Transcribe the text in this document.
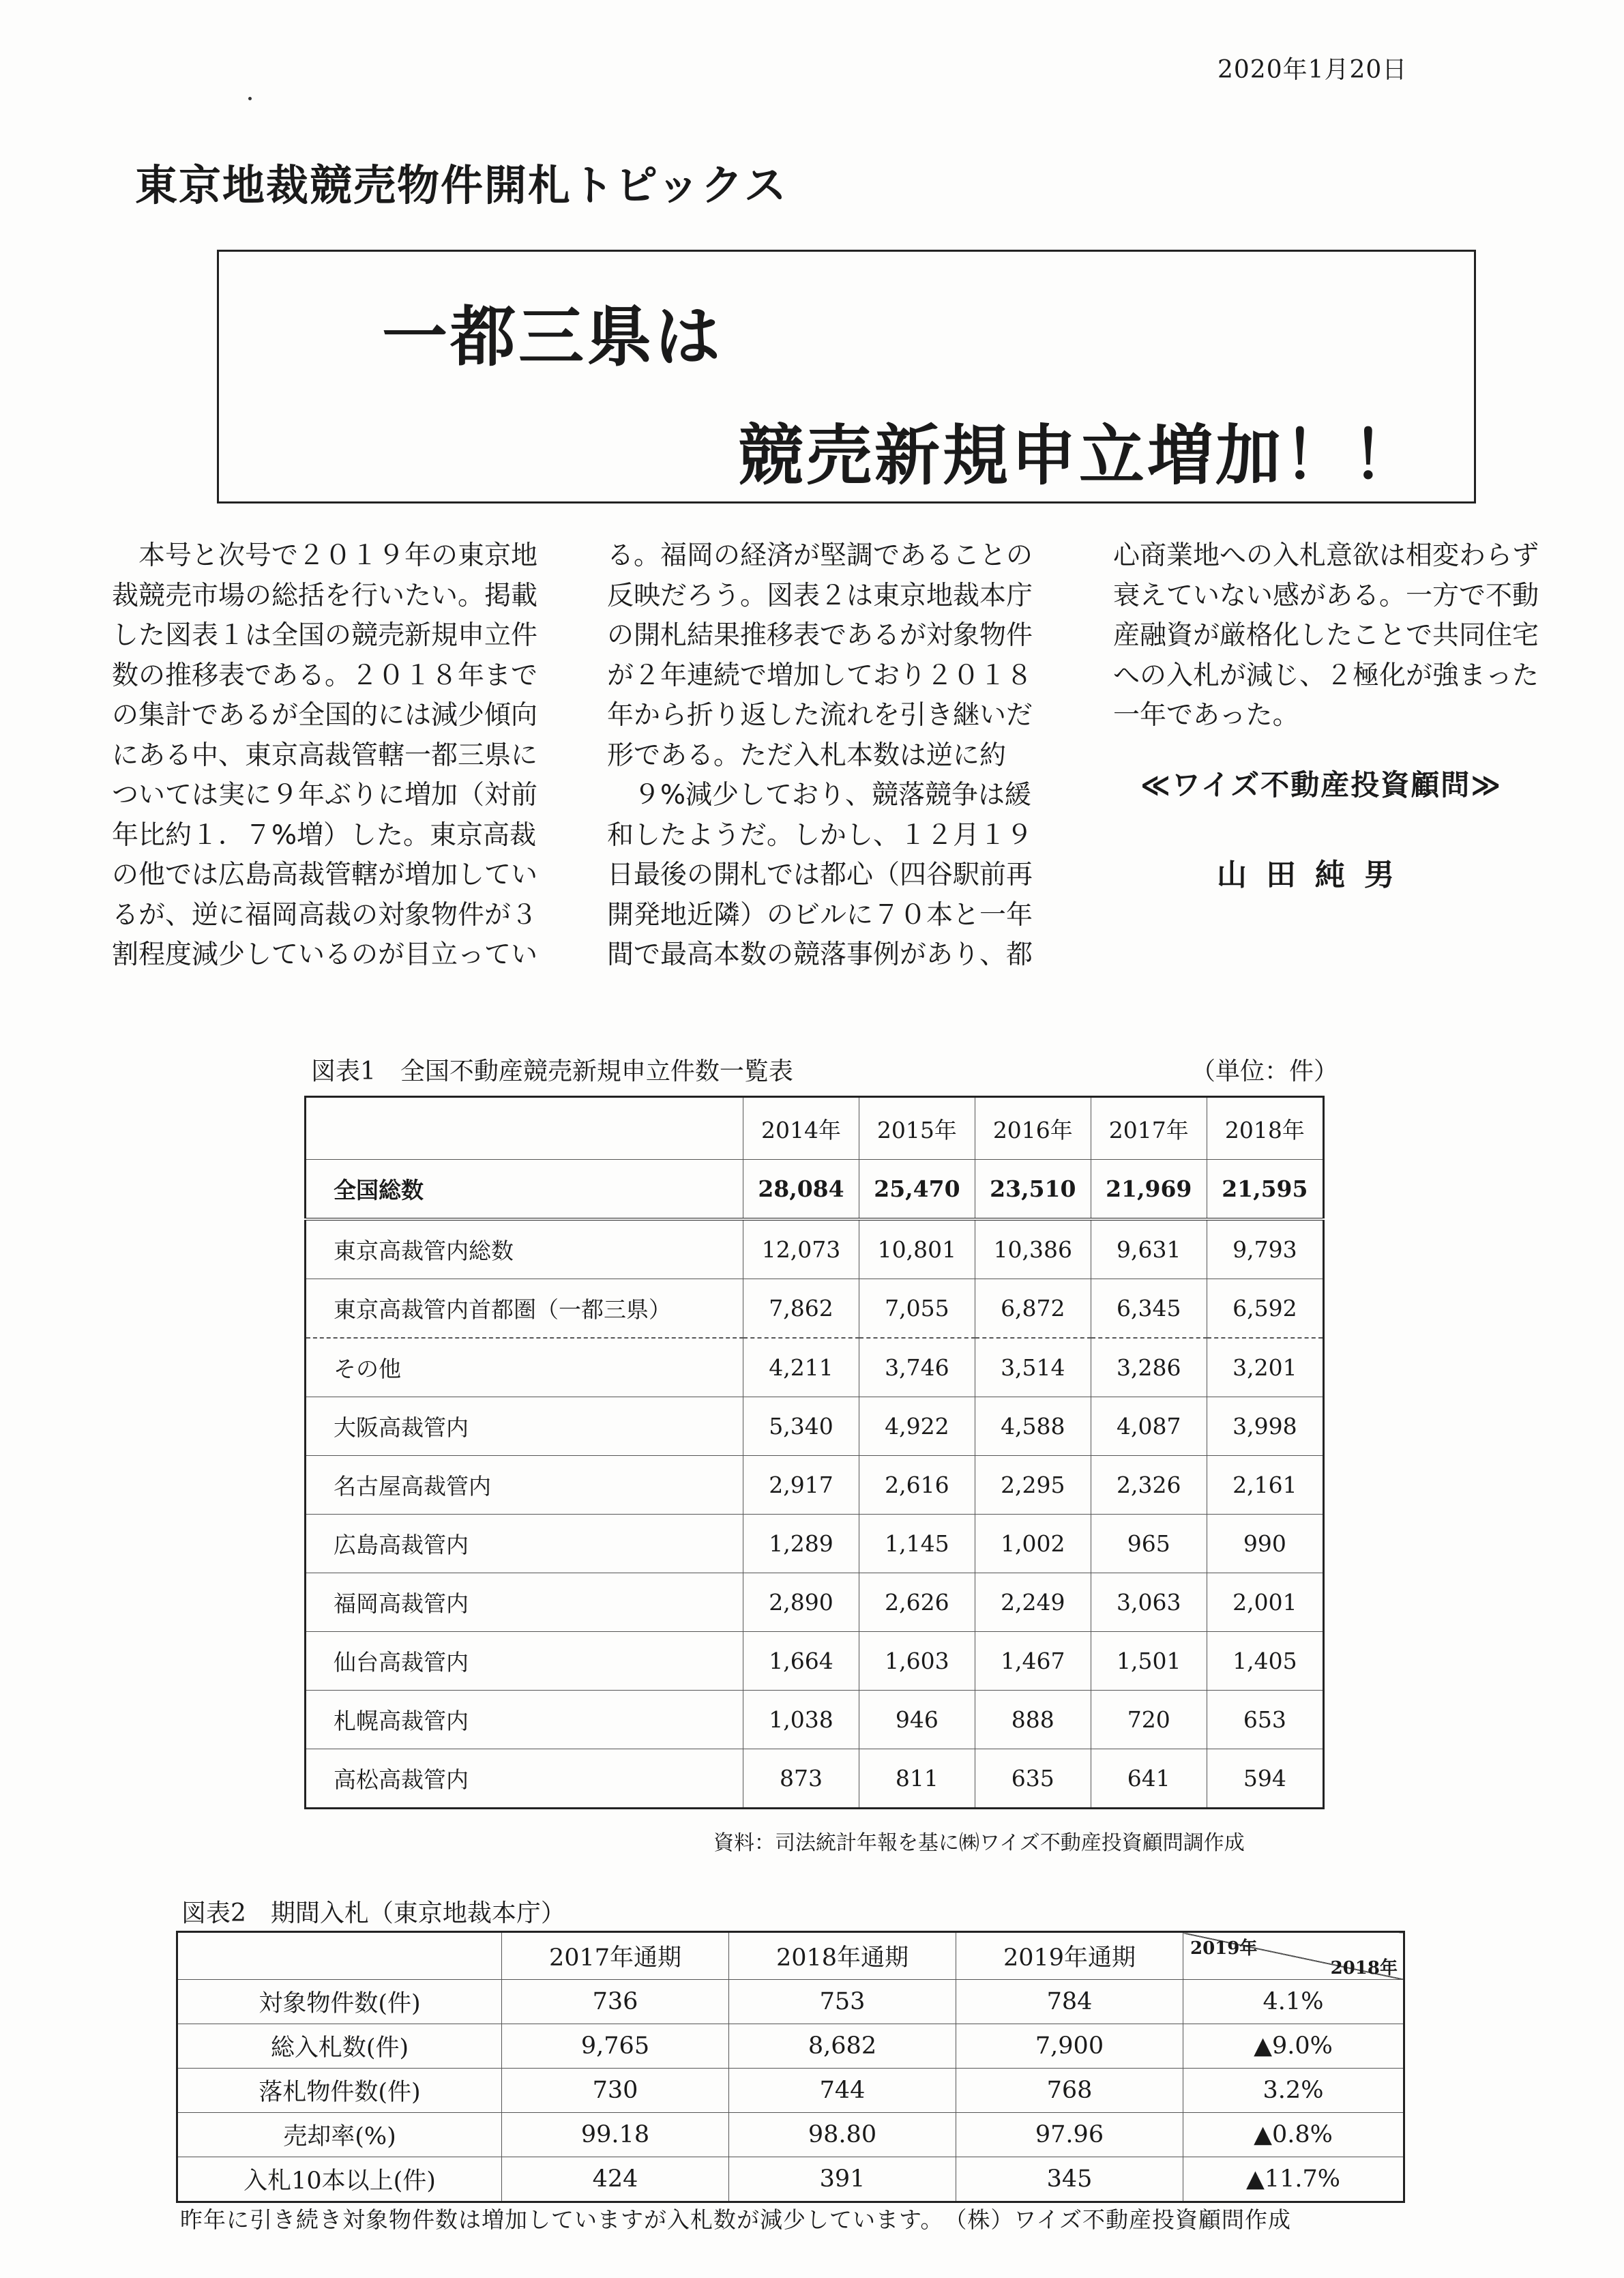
2020年1月20日
東京地裁競売物件開札トピックス
一都三県は
競売新規申立増加！！
　本号と次号で２０１９年の東京地
裁競売市場の総括を行いたい。掲載
した図表１は全国の競売新規申立件
数の推移表である。２０１８年まで
の集計であるが全国的には減少傾向
にある中、東京高裁管轄一都三県に
ついては実に９年ぶりに増加（対前
年比約１．７%増）した。東京高裁
の他では広島高裁管轄が増加してい
るが、逆に福岡高裁の対象物件が３
割程度減少しているのが目立ってい
る。福岡の経済が堅調であることの
反映だろう。図表２は東京地裁本庁
の開札結果推移表であるが対象物件
が２年連続で増加しており２０１８
年から折り返した流れを引き継いだ
形である。ただ入札本数は逆に約
　９%減少しており、競落競争は緩
和したようだ。しかし、１２月１９
日最後の開札では都心（四谷駅前再
開発地近隣）のビルに７０本と一年
間で最高本数の競落事例があり、都
心商業地への入札意欲は相変わらず
衰えていない感がある。一方で不動
産融資が厳格化したことで共同住宅
への入札が減じ、２極化が強まった
一年であった。
≪ワイズ不動産投資顧問≫
山田純男
図表1　全国不動産競売新規申立件数一覧表	（単位：件）
	2014年	2015年	2016年	2017年	2018年
全国総数	28,084	25,470	23,510	21,969	21,595
東京高裁管内総数	12,073	10,801	10,386	9,631	9,793
東京高裁管内首都圏（一都三県）	7,862	7,055	6,872	6,345	6,592
その他	4,211	3,746	3,514	3,286	3,201
大阪高裁管内	5,340	4,922	4,588	4,087	3,998
名古屋高裁管内	2,917	2,616	2,295	2,326	2,161
広島高裁管内	1,289	1,145	1,002	965	990
福岡高裁管内	2,890	2,626	2,249	3,063	2,001
仙台高裁管内	1,664	1,603	1,467	1,501	1,405
札幌高裁管内	1,038	946	888	720	653
高松高裁管内	873	811	635	641	594
資料：司法統計年報を基に㈱ワイズ不動産投資顧問調作成
図表2　期間入札（東京地裁本庁）
	2017年通期	2018年通期	2019年通期	2019年
2018年

対象物件数(件)	736	753	784	4.1%
総入札数(件)	9,765	8,682	7,900	▲9.0%
落札物件数(件)	730	744	768	3.2%
売却率(%)	99.18	98.80	97.96	▲0.8%
入札10本以上(件)	424	391	345	▲11.7%
昨年に引き続き対象物件数は増加していますが入札数が減少しています。　（株）ワイズ不動産投資顧問作成
